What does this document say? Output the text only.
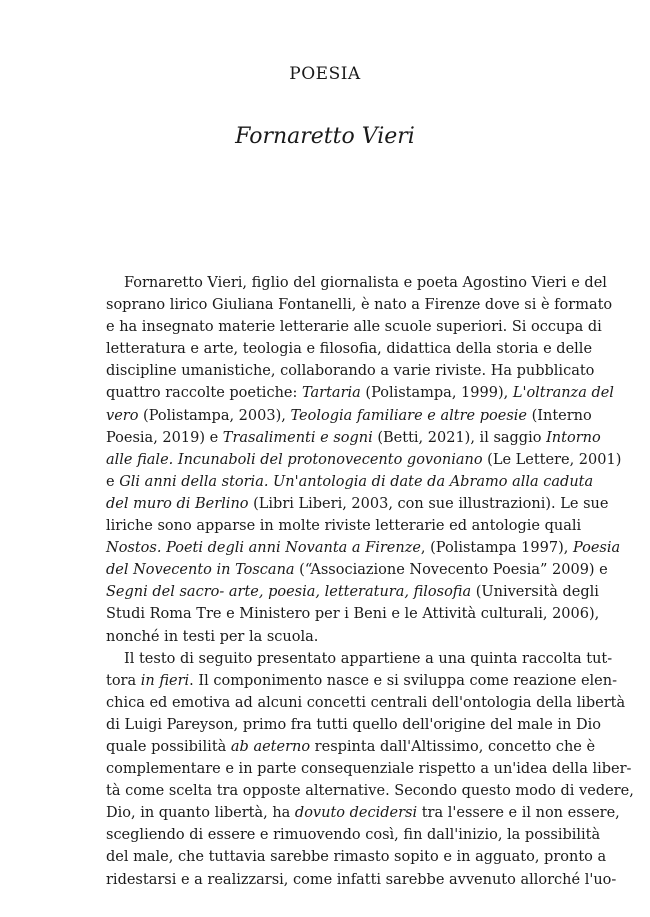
POESIA
Fornaretto Vieri
Fornaretto Vieri, figlio del giornalista e poeta Agostino Vieri e del
soprano lirico Giuliana Fontanelli, è nato a Firenze dove si è formato
e ha insegnato materie letterarie alle scuole superiori. Si occupa di
letteratura e arte, teologia e filosofia, didattica della storia e delle
discipline umanistiche, collaborando a varie riviste. Ha pubblicato
quattro raccolte poetiche: Tartaria (Polistampa, 1999), L'oltranza del
vero (Polistampa, 2003), Teologia familiare e altre poesie (Interno
Poesia, 2019) e Trasalimenti e sogni (Betti, 2021), il saggio Intorno
alle fiale. Incunaboli del protonovecento govoniano (Le Lettere, 2001)
e Gli anni della storia. Un'antologia di date da Abramo alla caduta
del muro di Berlino (Libri Liberi, 2003, con sue illustrazioni). Le sue
liriche sono apparse in molte riviste letterarie ed antologie quali
Nostos. Poeti degli anni Novanta a Firenze, (Polistampa 1997), Poesia
del Novecento in Toscana (“Associazione Novecento Poesia” 2009) e
Segni del sacro- arte, poesia, letteratura, filosofia (Università degli
Studi Roma Tre e Ministero per i Beni e le Attività culturali, 2006),
nonché in testi per la scuola.
Il testo di seguito presentato appartiene a una quinta raccolta tut-
tora in fieri. Il componimento nasce e si sviluppa come reazione elen-
chica ed emotiva ad alcuni concetti centrali dell'ontologia della libertà
di Luigi Pareyson, primo fra tutti quello dell'origine del male in Dio
quale possibilità ab aeterno respinta dall'Altissimo, concetto che è
complementare e in parte consequenziale rispetto a un'idea della liber-
tà come scelta tra opposte alternative. Secondo questo modo di vedere,
Dio, in quanto libertà, ha dovuto decidersi tra l'essere e il non essere,
scegliendo di essere e rimuovendo così, fin dall'inizio, la possibilità
del male, che tuttavia sarebbe rimasto sopito e in agguato, pronto a
ridestarsi e a realizzarsi, come infatti sarebbe avvenuto allorché l'uo-
